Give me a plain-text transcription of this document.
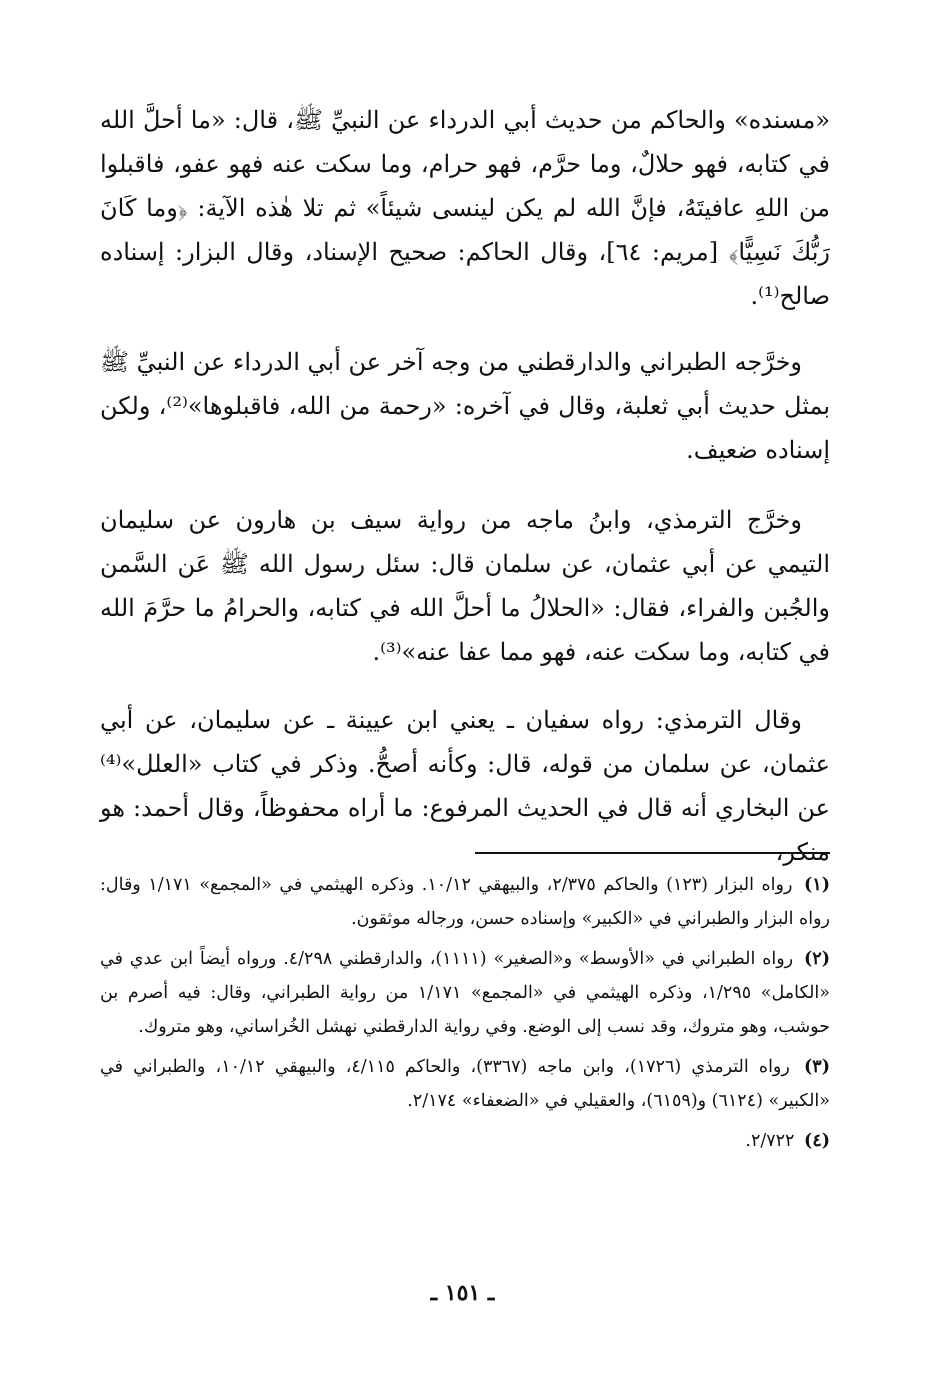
«مسنده» والحاكم من حديث أبي الدرداء عن النبيِّ ﷺ، قال: «ما أحلَّ الله في كتابه، فهو حلالٌ، وما حرَّم، فهو حرام، وما سكت عنه فهو عفو، فاقبلوا من اللهِ عافيتَهُ، فإنَّ الله لم يكن لينسى شيئاً» ثم تلا هٰذه الآية: ﴿وما كَانَ رَبُّكَ نَسِيًّا﴾ [مريم: ٦٤]، وقال الحاكم: صحيح الإسناد، وقال البزار: إسناده صالح⁽¹⁾.

وخرَّجه الطبراني والدارقطني من وجه آخر عن أبي الدرداء عن النبيِّ ﷺ بمثل حديث أبي ثعلبة، وقال في آخره: «رحمة من الله، فاقبلوها»⁽²⁾، ولكن إسناده ضعيف.

وخرَّج الترمذي، وابنُ ماجه من رواية سيف بن هارون عن سليمان التيمي عن أبي عثمان، عن سلمان قال: سئل رسول الله ﷺ عَن السَّمن والجُبن والفراء، فقال: «الحلالُ ما أحلَّ الله في كتابه، والحرامُ ما حرَّمَ الله في كتابه، وما سكت عنه، فهو مما عفا عنه»⁽³⁾.

وقال الترمذي: رواه سفيان ـ يعني ابن عيينة ـ عن سليمان، عن أبي عثمان، عن سلمان من قوله، قال: وكأنه أصحُّ. وذكر في كتاب «العلل»⁽⁴⁾ عن البخاري أنه قال في الحديث المرفوع: ما أراه محفوظاً، وقال أحمد: هو منكر،

(١) رواه البزار (١٢٣) والحاكم ٢/٣٧٥، والبيهقي ١٠/١٢. وذكره الهيثمي في «المجمع» ١/١٧١ وقال: رواه البزار والطبراني في «الكبير» وإسناده حسن، ورجاله موثقون.

(٢) رواه الطبراني في «الأوسط» و«الصغير» (١١١١)، والدارقطني ٤/٢٩٨. ورواه أيضاً ابن عدي في «الكامل» ١/٢٩٥، وذكره الهيثمي في «المجمع» ١/١٧١ من رواية الطبراني، وقال: فيه أصرم بن حوشب، وهو متروك، وقد نسب إلى الوضع. وفي رواية الدارقطني نهشل الخُراساني، وهو متروك.

(٣) رواه الترمذي (١٧٢٦)، وابن ماجه (٣٣٦٧)، والحاكم ٤/١١٥، والبيهقي ١٠/١٢، والطبراني في «الكبير» (٦١٢٤) و(٦١٥٩)، والعقيلي في «الضعفاء» ٢/١٧٤.

(٤) ٢/٧٢٢.

ـ ١٥١ ـ
